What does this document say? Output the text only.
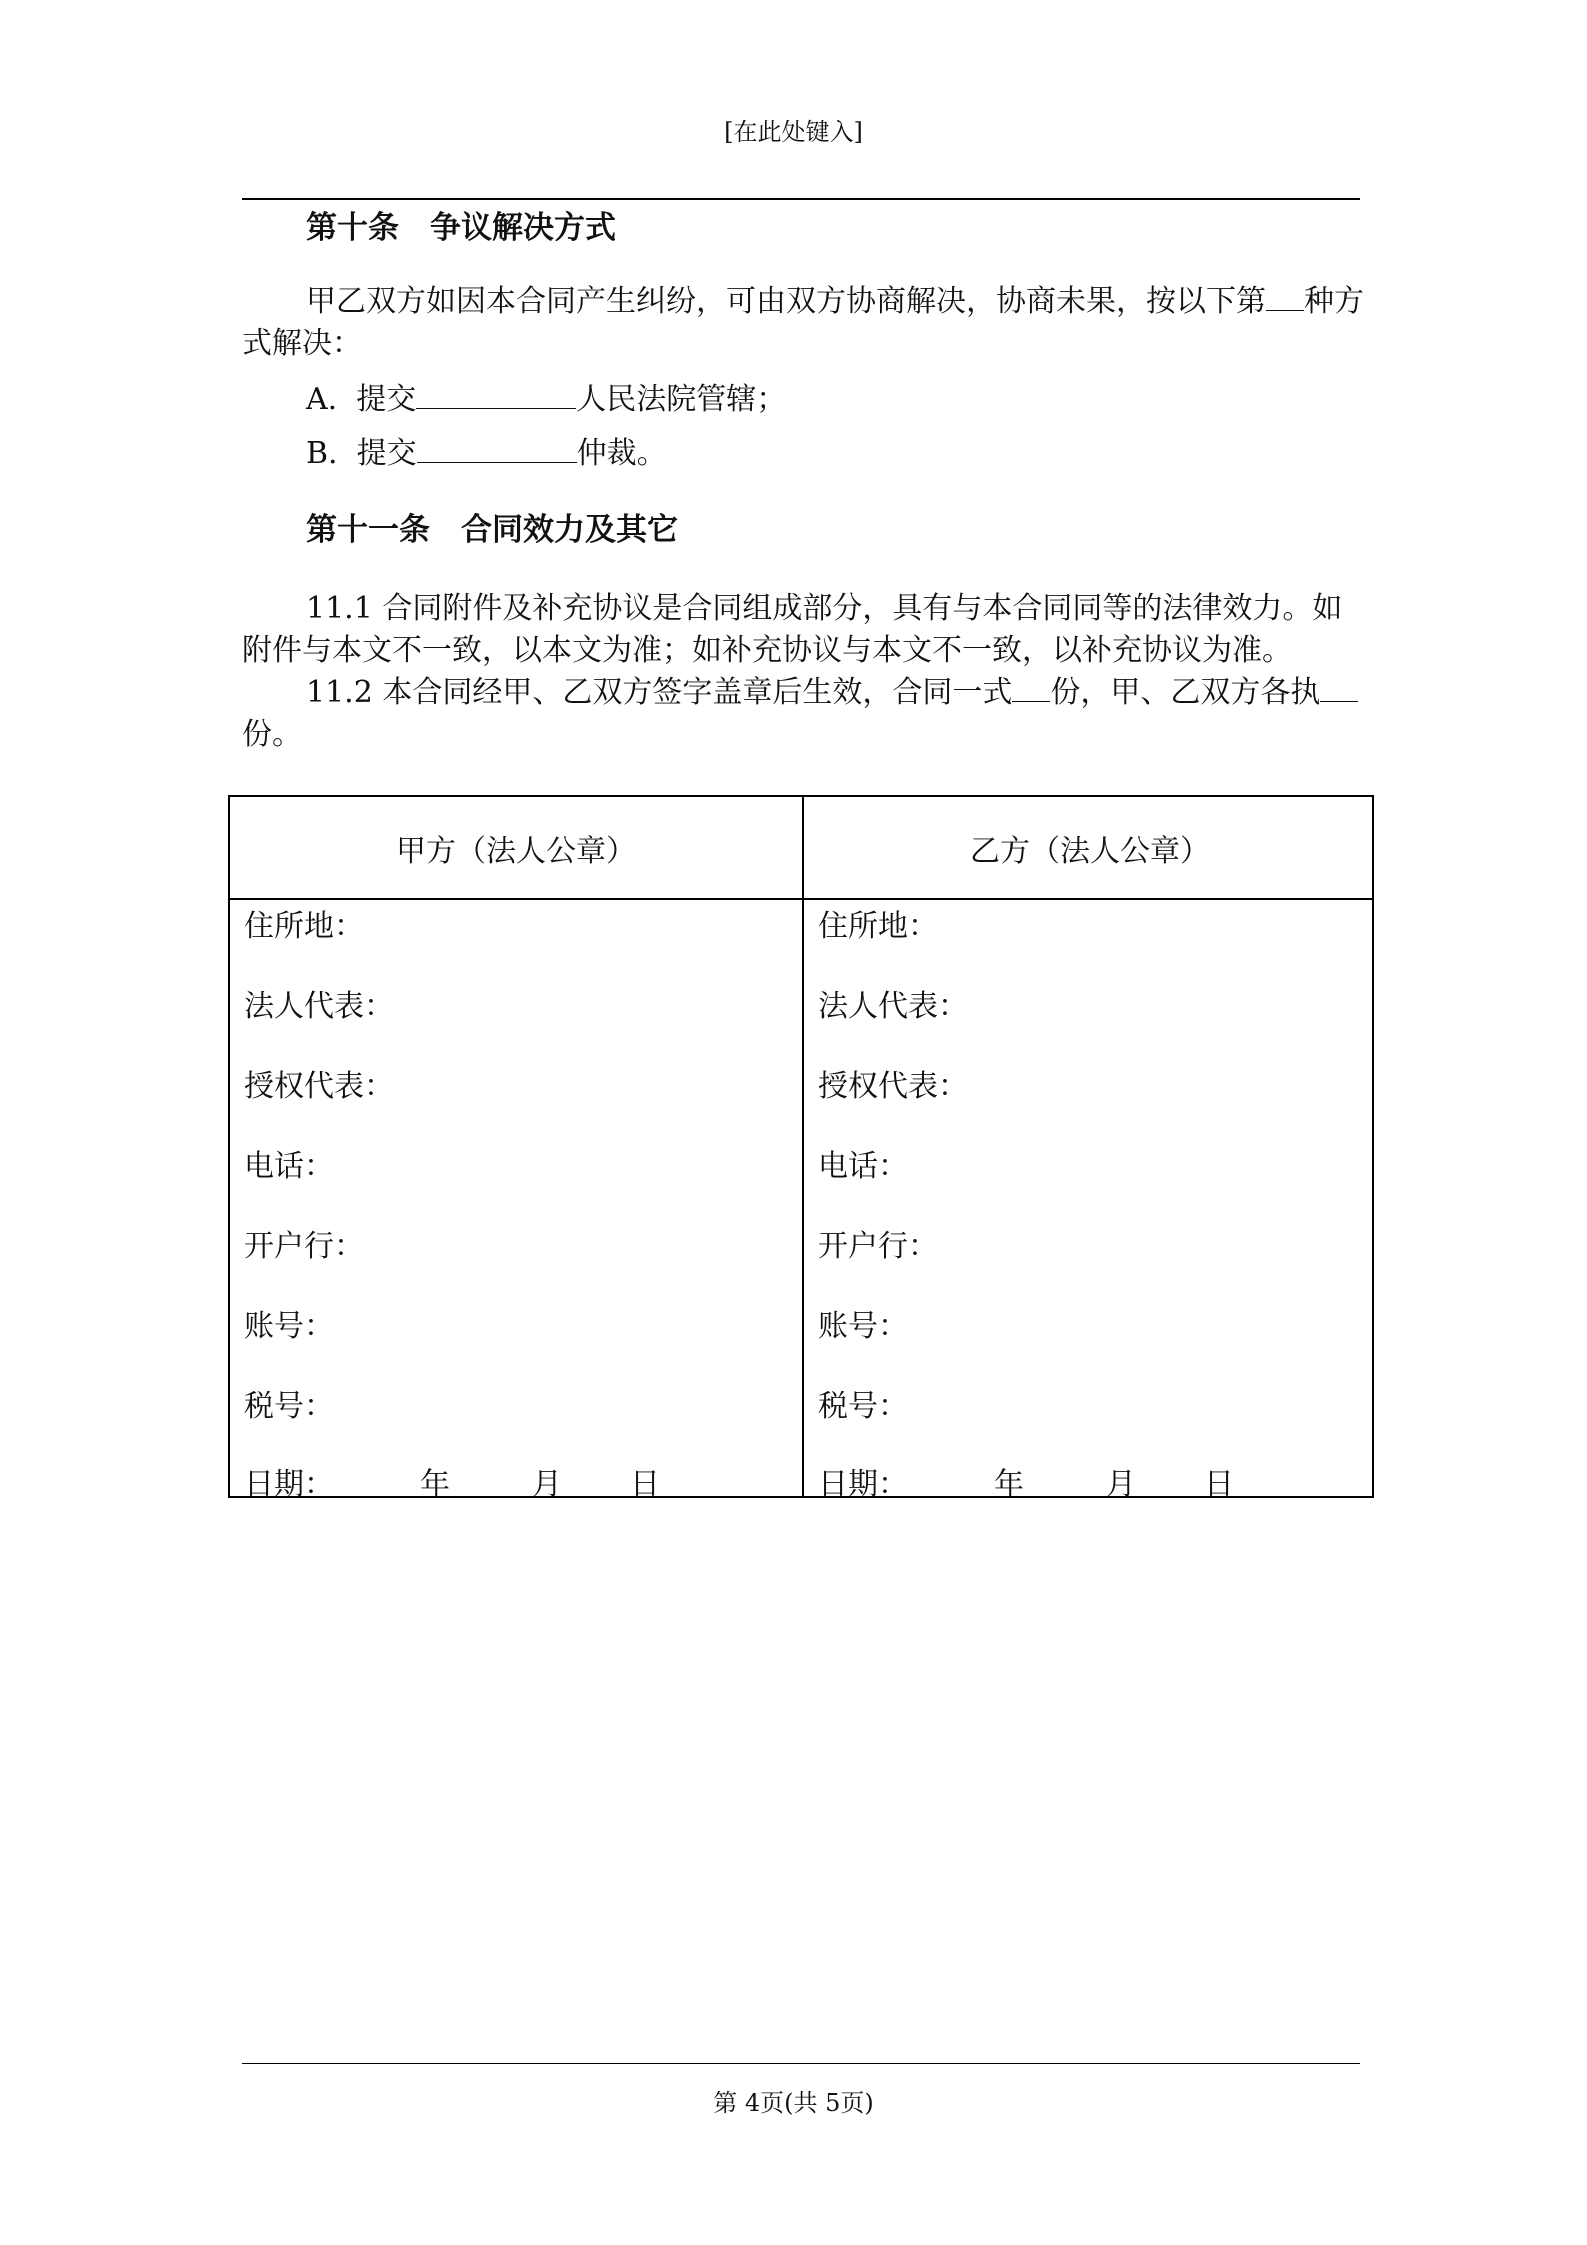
[在此处键入]
第十条　争议解决方式
甲乙双方如因本合同产生纠纷，可由双方协商解决，协商未果，按以下第 种方式解决：
A.  提交	人民法院管辖；
B.  提交	仲裁。
第十一条　合同效力及其它
11.1 合同附件及补充协议是合同组成部分，具有与本合同同等的法律效力。如附件与本文不一致，以本文为准；如补充协议与本文不一致，以补充协议为准。
11.2 本合同经甲、乙双方签字盖章后生效，合同一式 份，甲、乙双方各执份。
甲方（法人公章）
住所地：
法人代表：
授权代表：
电话：
开户行：
账号：
税号：
日期：	年	月 日
乙方（法人公章）
住所地：
法人代表：
授权代表：
电话：
开户行：
账号：
税号：
日期：	年	月 日
第 4页(共 5页)
